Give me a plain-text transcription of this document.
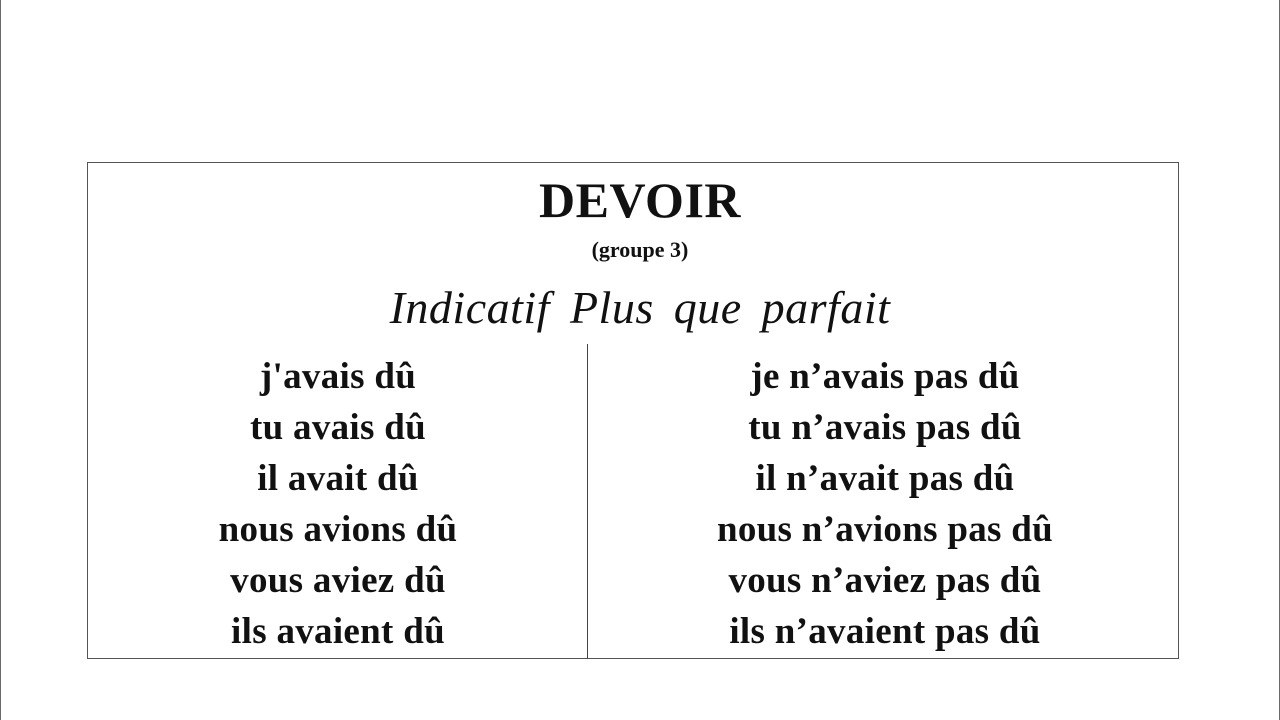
DEVOIR
(groupe 3)
Indicatif Plus que parfait
j'avais dû
tu avais dû
il avait dû
nous avions dû
vous aviez dû
ils avaient dû
je n’avais pas dû
tu n’avais pas dû
il n’avait pas dû
nous n’avions pas dû
vous n’aviez pas dû
ils n’avaient pas dû
